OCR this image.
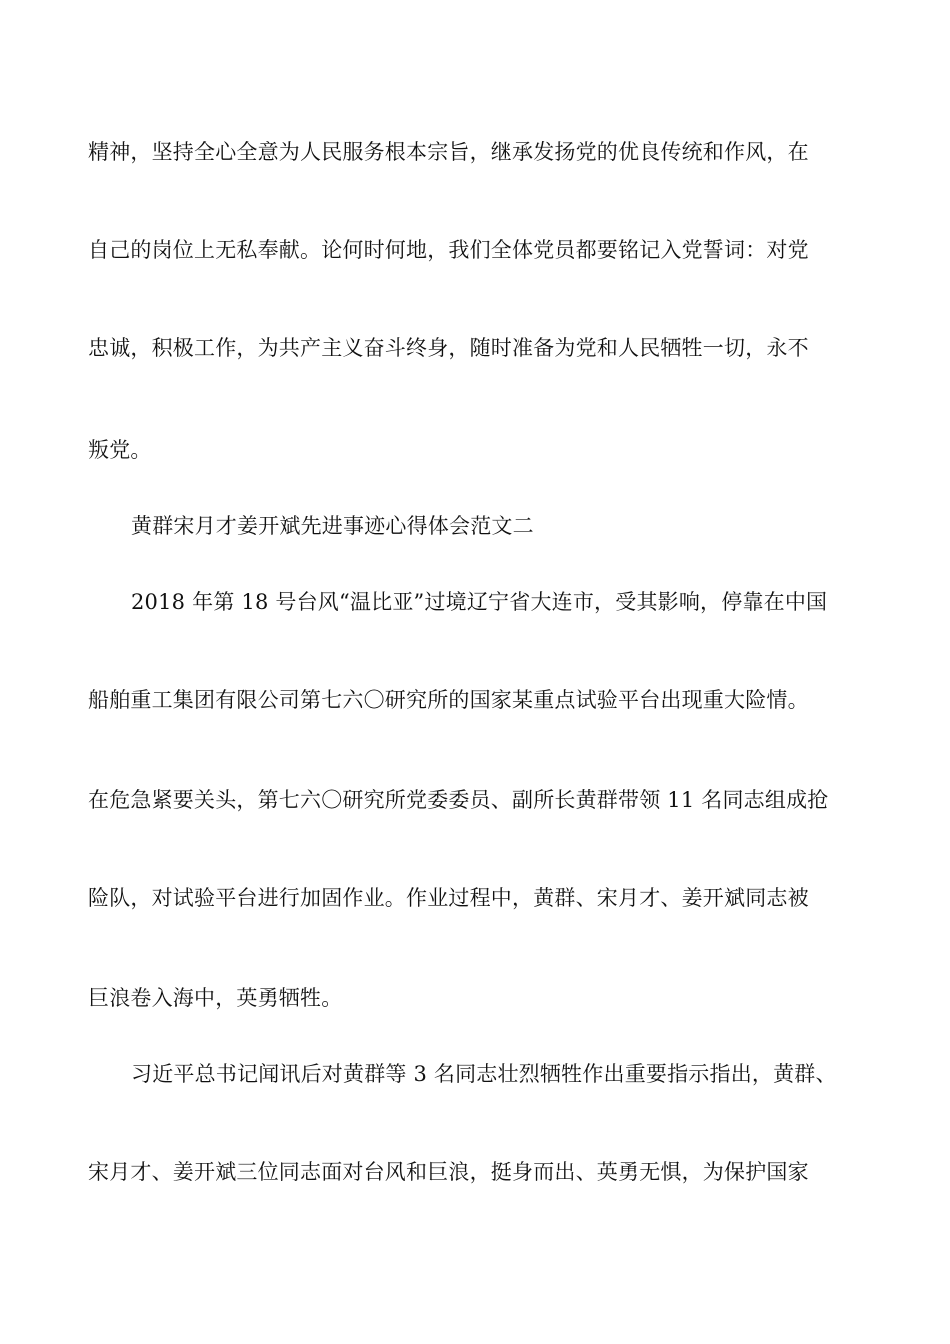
精神，坚持全心全意为人民服务根本宗旨，继承发扬党的优良传统和作风，在
自己的岗位上无私奉献。论何时何地，我们全体党员都要铭记入党誓词：对党
忠诚，积极工作，为共产主义奋斗终身，随时准备为党和人民牺牲一切，永不
叛党。
黄群宋月才姜开斌先进事迹心得体会范文二
2018 年第 18 号台风“温比亚”过境辽宁省大连市，受其影响，停靠在中国
船舶重工集团有限公司第七六〇研究所的国家某重点试验平台出现重大险情。
在危急紧要关头，第七六〇研究所党委委员、副所长黄群带领 11 名同志组成抢
险队，对试验平台进行加固作业。作业过程中，黄群、宋月才、姜开斌同志被
巨浪卷入海中，英勇牺牲。
习近平总书记闻讯后对黄群等 3 名同志壮烈牺牲作出重要指示指出，黄群、
宋月才、姜开斌三位同志面对台风和巨浪，挺身而出、英勇无惧，为保护国家
